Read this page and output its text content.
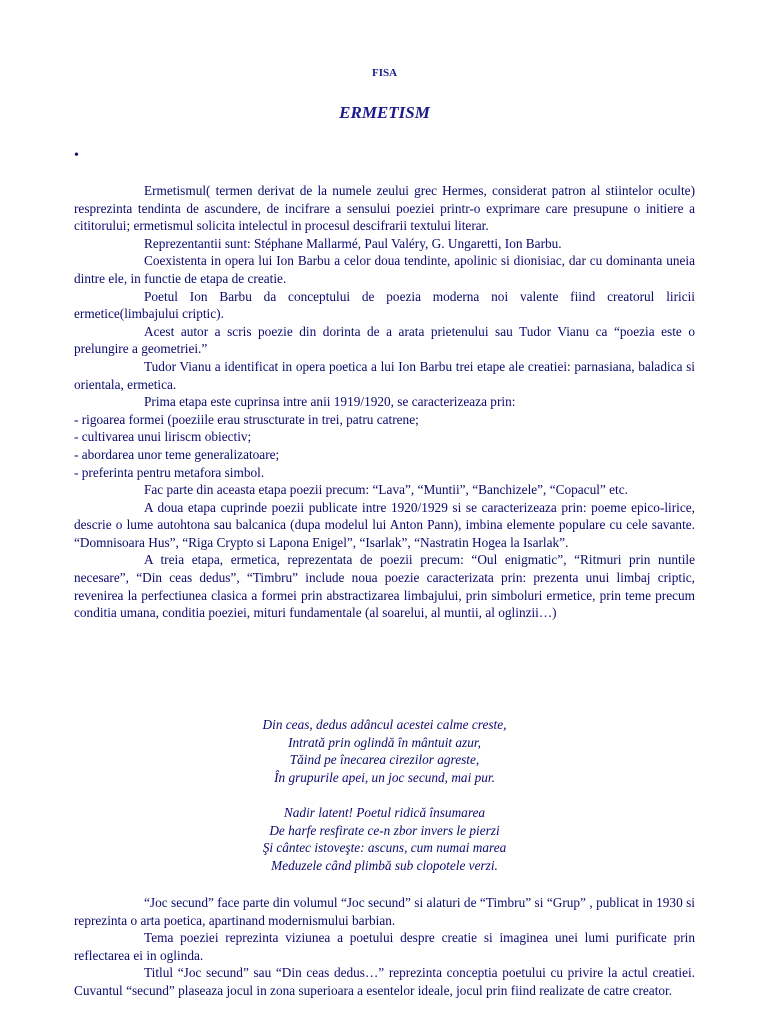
FISA
ERMETISM
•

Ermetismul( termen derivat de la numele zeului grec Hermes, considerat patron al stiintelor oculte) resprezinta tendinta de ascundere, de incifrare a sensului poeziei printr-o exprimare care presupune o initiere a cititorului; ermetismul solicita intelectul in procesul descifrarii textului literar.

Reprezentantii sunt: Stéphane Mallarmé, Paul Valéry, G. Ungaretti, Ion Barbu.

Coexistenta in opera lui Ion Barbu a celor doua tendinte, apolinic si dionisiac, dar cu dominanta uneia dintre ele, in functie de etapa de creatie.

Poetul Ion Barbu da conceptului de poezia moderna noi valente fiind creatorul liricii ermetice(limbajului criptic).

Acest autor a scris poezie din dorinta de a arata prietenului sau Tudor Vianu ca “poezia este o prelungire a geometriei.”

Tudor Vianu a identificat in opera poetica a lui Ion Barbu trei etape ale creatiei: parnasiana, baladica si orientala, ermetica.

Prima etapa este cuprinsa intre anii 1919/1920, se caracterizeaza prin:

- rigoarea formei (poeziile erau struscturate in trei, patru catrene;

- cultivarea unui liriscm obiectiv;

- abordarea unor teme generalizatoare;

- preferinta pentru metafora simbol.

Fac parte din aceasta etapa poezii precum: “Lava”, “Muntii”, “Banchizele”, “Copacul” etc.

A doua etapa cuprinde poezii publicate intre 1920/1929 si se caracterizeaza prin: poeme epico-lirice, descrie o lume autohtona sau balcanica (dupa modelul lui Anton Pann), imbina elemente populare cu cele savante. “Domnisoara Hus”, “Riga Crypto si Lapona Enigel”, “Isarlak”, “Nastratin Hogea la Isarlak”.

A treia etapa, ermetica, reprezentata de poezii precum: “Oul enigmatic”, “Ritmuri prin nuntile necesare”, “Din ceas dedus”, “Timbru” include noua poezie caracterizata prin: prezenta unui limbaj criptic, revenirea la perfectiunea clasica a formei prin abstractizarea limbajului, prin simboluri ermetice, prin teme precum conditia umana, conditia poeziei, mituri fundamentale (al soarelui, al muntii, al oglinzii…)

Din ceas, dedus adâncul acestei calme creste,
Intrată prin oglindă în mântuit azur,
Tăind pe înecarea cirezilor agreste,
În grupurile apei, un joc secund, mai pur.
Nadir latent! Poetul ridică însumarea
De harfe resfirate ce-n zbor invers le pierzi
Şi cântec istoveşte: ascuns, cum numai marea
Meduzele când plimbă sub clopotele verzi.

“Joc secund” face parte din volumul “Joc secund” si alaturi de “Timbru” si “Grup” , publicat in 1930 si reprezinta o arta poetica, apartinand modernismului barbian.

Tema poeziei reprezinta viziunea a poetului despre creatie si imaginea unei lumi purificate prin reflectarea ei in oglinda.

Titlul “Joc secund” sau “Din ceas dedus…” reprezinta conceptia poetului cu privire la actul creatiei. Cuvantul “secund” plaseaza jocul in zona superioara a esentelor ideale, jocul prin fiind realizate de catre creator.
